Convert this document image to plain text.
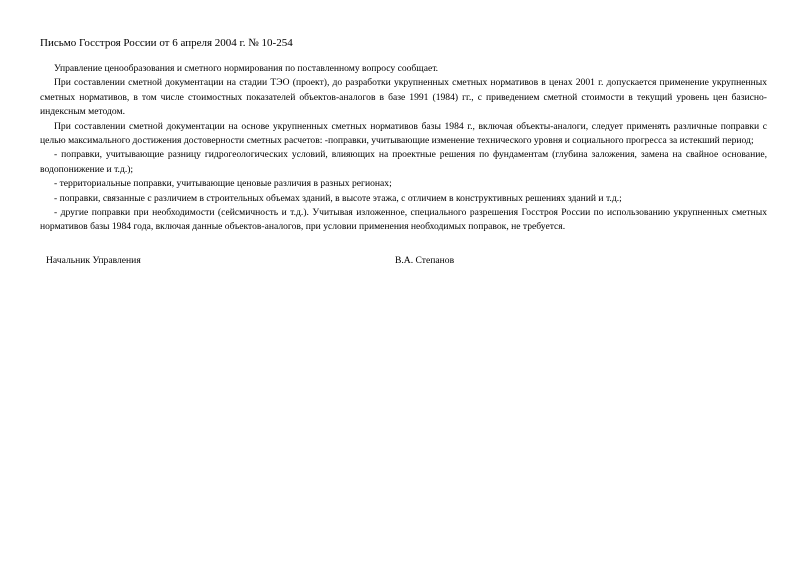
Письмо Госстроя России от 6 апреля 2004 г. № 10-254

Управление ценообразования и сметного нормирования по поставленному вопросу сообщает.

При составлении сметной документации на стадии ТЭО (проект), до разработки укрупненных сметных нормативов в ценах 2001 г. допускается применение укрупненных сметных нормативов, в том числе стоимостных показателей объектов-аналогов в базе 1991 (1984) гг., с приведением сметной стоимости в текущий уровень цен базисно-индексным методом.

При составлении сметной документации на основе укрупненных сметных нормативов базы 1984 г., включая объекты-аналоги, следует применять различные поправки с целью максимального достижения достоверности сметных расчетов: -поправки, учитывающие изменение технического уровня и социального прогресса за истекший период;

- поправки, учитывающие разницу гидрогеологических условий, влияющих на проектные решения по фундаментам (глубина заложения, замена на свайное основание, водопонижение и т.д.);

- территориальные поправки, учитывающие ценовые различия в разных регионах;

- поправки, связанные с различием в строительных объемах зданий, в высоте этажа, с отличием в конструктивных решениях зданий и т.д.;

- другие поправки при необходимости (сейсмичность и т.д.). Учитывая изложенное, специального разрешения Госстроя России по использованию укрупненных сметных нормативов базы 1984 года, включая данные объектов-аналогов, при условии применения необходимых поправок, не требуется.

Начальник Управления	В.А. Степанов
